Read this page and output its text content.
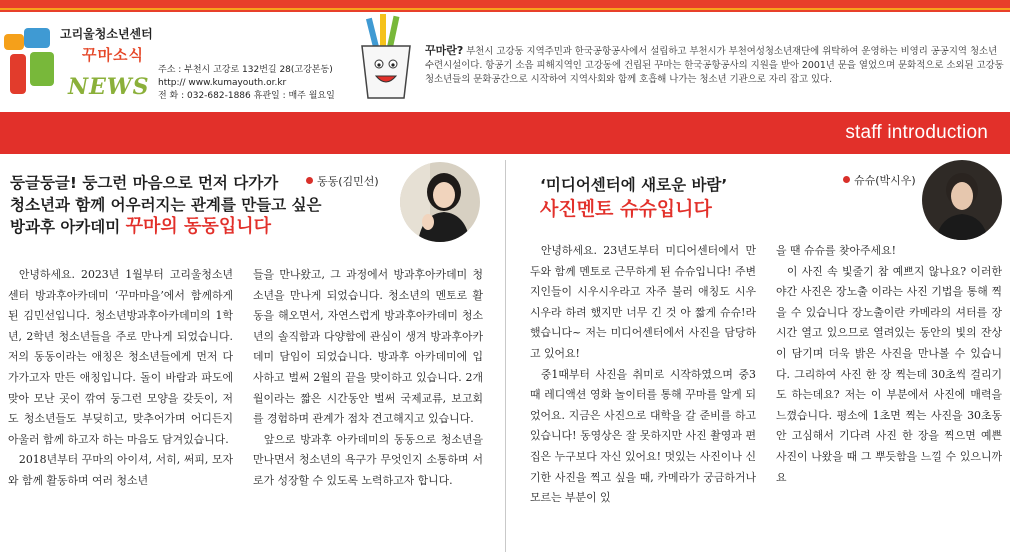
고리울청소년센터
꾸마소식
NEWS
주소 : 부천시 고강로 132번길 28(고강본동)
http:// www.kumayouth.or.kr
전 화 : 032-682-1886 휴관일 : 매주 월요일
꾸마란? 부천시 고강동 지역주민과 한국공항공사에서 설립하고 부천시가 부천여성청소년재단에 위탁하여 운영하는 비영리 공공지역 청소년수련시설이다. 항공기 소음 피해지역인 고강동에 건립된 꾸마는 한국공항공사의 지원을 받아 2001년 문을 열었으며 문화적으로 소외된 고강동청소년들의 문화공간으로 시작하여 지역사회와 함께 호흡해 나가는 청소년 기관으로 자리 잡고 있다.
staff introduction
둥글둥글! 둥그런 마음으로 먼저 다가가
청소년과 함께 어우러지는 관계를 만들고 싶은
방과후 아카데미 꾸마의 동동입니다
동동(김민선)

안녕하세요. 2023년 1월부터 고리울청소년센터 방과후아카데미 ‘꾸마마을’에서 함께하게 된 김민선입니다. 청소년방과후아카데미의 1학년, 2학년 청소년들을 주로 만나게 되었습니다. 저의 동동이라는 애칭은 청소년들에게 먼저 다가가고자 만든 애칭입니다. 돌이 바람과 파도에 맞아 모난 곳이 깎여 둥그런 모양을 갖듯이, 저도 청소년들도 부딪히고, 맞추어가며 어디든지 아울러 함께 하고자 하는 마음도 담겨있습니다.

2018년부터 꾸마의 아이셔, 서히, 써피, 모자와 함께 활동하며 여러 청소년

들을 만나왔고, 그 과정에서 방과후아카데미 청소년을 만나게 되었습니다. 청소년의 멘토로 활동을 해오면서, 자연스럽게 방과후아카데미 청소년의 솔직함과 다양함에 관심이 생겨 방과후아카데미 담임이 되었습니다. 방과후 아카데미에 입사하고 벌써 2월의 끝을 맞이하고 있습니다. 2개월이라는 짧은 시간동안 벌써 국제교류, 보고회를 경험하며 관계가 점차 견고해지고 있습니다.

앞으로 방과후 아카데미의 동동으로 청소년을 만나면서 청소년의 욕구가 무엇인지 소통하며 서로가 성장할 수 있도록 노력하고자 합니다.

‘미디어센터에 새로운 바람’
사진멘토 슈슈입니다
슈슈(박시우)

안녕하세요. 23년도부터 미디어센터에서 만두와 함께 멘토로 근무하게 된 슈슈입니다! 주변 지인들이 시우시우라고 자주 불러 애칭도 시우시우라 하려 했지만 너무 긴 것 아 짧게 슈슈!라 했습니다~ 저는 미디어센터에서 사진을 담당하고 있어요!

중1때부터 사진을 취미로 시작하였으며 중3때 레디액션 영화 놀이터를 통해 꾸마를 알게 되었어요. 지금은 사진으로 대학을 갈 준비를 하고 있습니다! 동영상은 잘 못하지만 사진 촬영과 편집은 누구보다 자신 있어요! 멋있는 사진이나 신기한 사진을 찍고 싶을 때, 카메라가 궁금하거나 모르는 부분이 있

을 땐 슈슈를 찾아주세요!

이 사진 속 빛줄기 참 예쁘지 않나요? 이러한 야간 사진은 장노출 이라는 사진 기법을 통해 찍을 수 있습니다 장노출이란 카메라의 셔터를 장시간 열고 있으므로 열려있는 동안의 빛의 잔상이 담기며 더욱 밝은 사진을 만나볼 수 있습니다. 그리하여 사진 한 장 찍는데 30초씩 걸리기도 하는데요? 저는 이 부분에서 사진에 매력을 느꼈습니다. 평소에 1초면 찍는 사진을 30초동안 고심해서 기다려 사진 한 장을 찍으면 예쁜 사진이 나왔을 때 그 뿌듯함을 느낄 수 있으니까요
